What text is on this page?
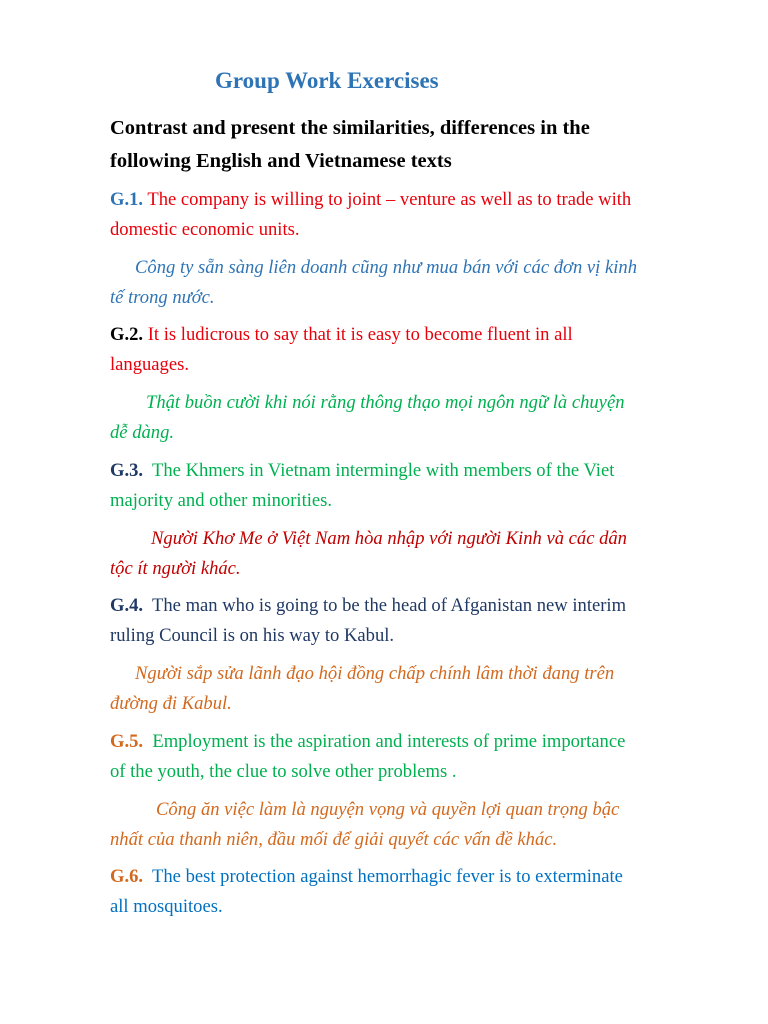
Group Work Exercises
Contrast and present the similarities, differences in the
following English and Vietnamese texts
G.1. The company is willing to joint – venture as well as to trade with
domestic economic units.
Công ty sẵn sàng liên doanh cũng như mua bán với các đơn vị kinh
tế trong nước.
G.2. It is ludicrous to say that it is easy to become fluent in all
languages.
Thật buồn cười khi nói rằng thông thạo mọi ngôn ngữ là chuyện
dễ dàng.
G.3. The Khmers in Vietnam intermingle with members of the Viet
majority and other minorities.
Người Khơ Me ở Việt Nam hòa nhập với người Kinh và các dân
tộc ít người khác.
G.4. The man who is going to be the head of Afganistan new interim
ruling Council is on his way to Kabul.
Người sắp sửa lãnh đạo hội đồng chấp chính lâm thời đang trên
đường đi Kabul.
G.5. Employment is the aspiration and interests of prime importance
of the youth, the clue to solve other problems .
Công ăn việc làm là nguyện vọng và quyền lợi quan trọng bậc
nhất của thanh niên, đầu mối để giải quyết các vấn đề khác.
G.6. The best protection against hemorrhagic fever is to exterminate
all mosquitoes.
